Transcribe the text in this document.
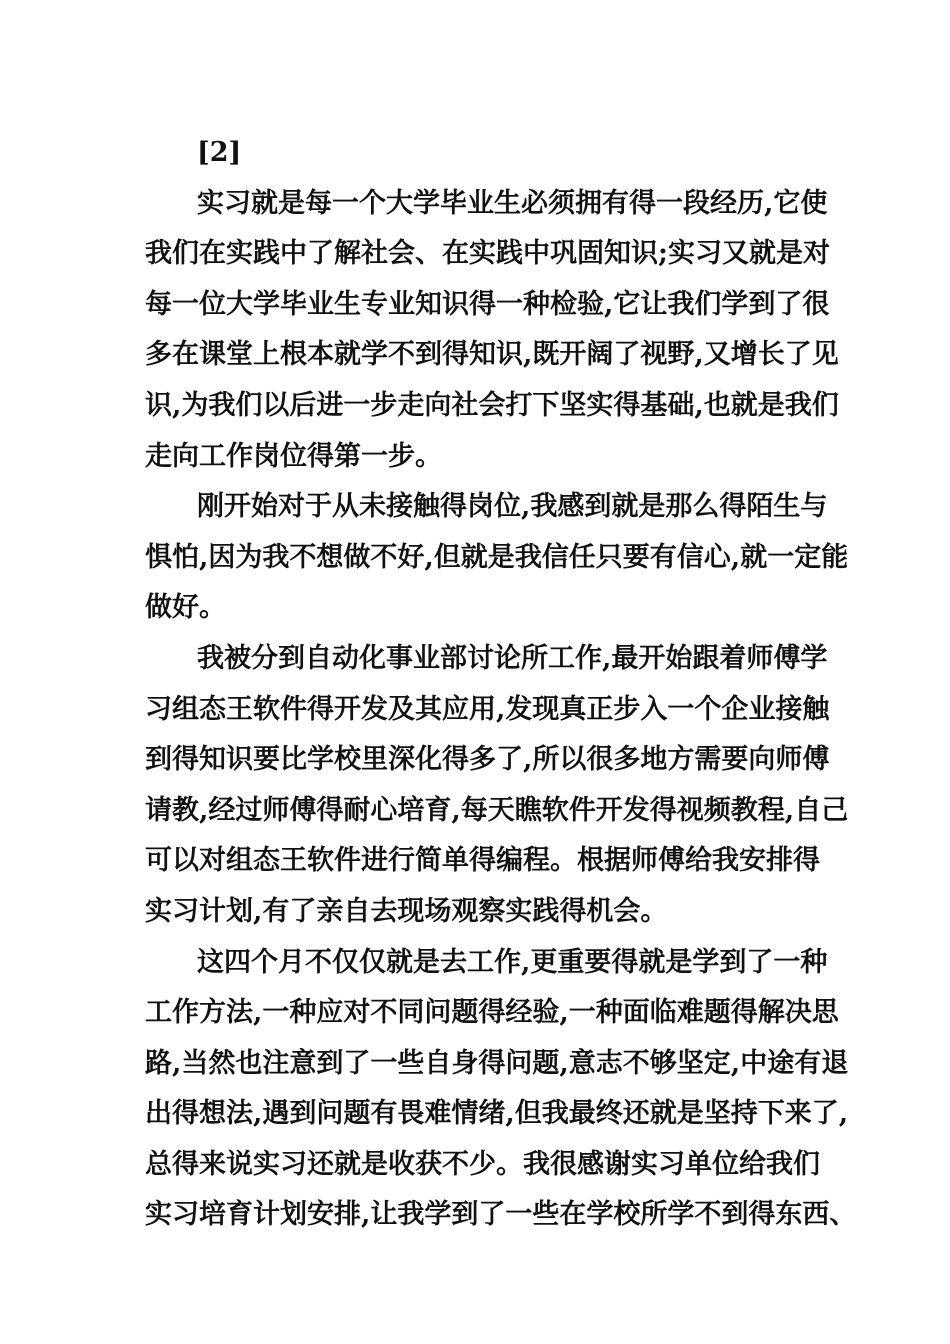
[2]

实习就是每一个大学毕业生必须拥有得一段经历,它使
我们在实践中了解社会、在实践中巩固知识;实习又就是对
每一位大学毕业生专业知识得一种检验,它让我们学到了很
多在课堂上根本就学不到得知识,既开阔了视野,又增长了见
识,为我们以后进一步走向社会打下坚实得基础,也就是我们
走向工作岗位得第一步。
刚开始对于从未接触得岗位,我感到就是那么得陌生与
惧怕,因为我不想做不好,但就是我信任只要有信心,就一定能
做好。
我被分到自动化事业部讨论所工作,最开始跟着师傅学
习组态王软件得开发及其应用,发现真正步入一个企业接触
到得知识要比学校里深化得多了,所以很多地方需要向师傅
请教,经过师傅得耐心培育,每天瞧软件开发得视频教程,自己
可以对组态王软件进行简单得编程。根据师傅给我安排得
实习计划,有了亲自去现场观察实践得机会。
这四个月不仅仅就是去工作,更重要得就是学到了一种
工作方法,一种应对不同问题得经验,一种面临难题得解决思
路,当然也注意到了一些自身得问题,意志不够坚定,中途有退
出得想法,遇到问题有畏难情绪,但我最终还就是坚持下来了,
总得来说实习还就是收获不少。我很感谢实习单位给我们
实习培育计划安排,让我学到了一些在学校所学不到得东西、
